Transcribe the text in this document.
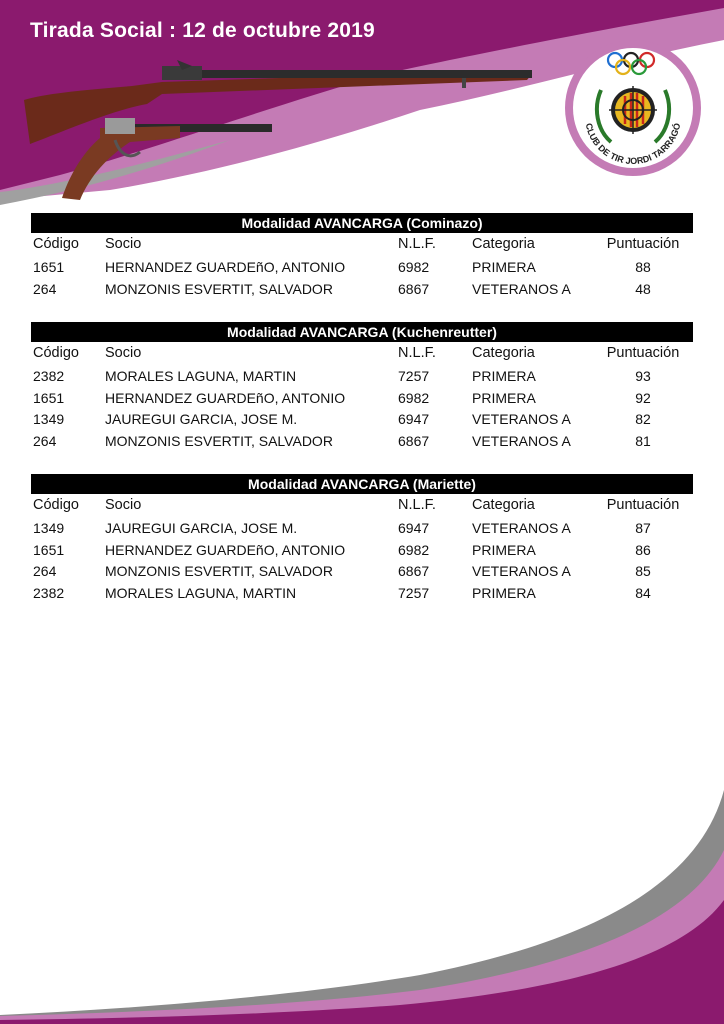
Tirada Social : 12 de octubre 2019
CLUB DE TIR JORDI TARRAGÓ
Modalidad AVANCARGA (Cominazo)
Código Socio	N.L.F. Categoria	Puntuación
1651	HERNANDEZ GUARDEñO, ANTONIO	6982	PRIMERA	88
264	MONZONIS ESVERTIT, SALVADOR	6867	VETERANOS A	48
Modalidad AVANCARGA (Kuchenreutter)
Código Socio	N.L.F. Categoria	Puntuación
2382	MORALES LAGUNA, MARTIN	7257	PRIMERA	93
1651	HERNANDEZ GUARDEñO, ANTONIO	6982	PRIMERA	92
1349	JAUREGUI GARCIA, JOSE M.	6947	VETERANOS A	82
264	MONZONIS ESVERTIT, SALVADOR	6867	VETERANOS A	81
Modalidad AVANCARGA (Mariette)
Código Socio	N.L.F. Categoria	Puntuación
1349	JAUREGUI GARCIA, JOSE M.	6947	VETERANOS A	87
1651	HERNANDEZ GUARDEñO, ANTONIO	6982	PRIMERA	86
264	MONZONIS ESVERTIT, SALVADOR	6867	VETERANOS A	85
2382	MORALES LAGUNA, MARTIN	7257	PRIMERA	84
